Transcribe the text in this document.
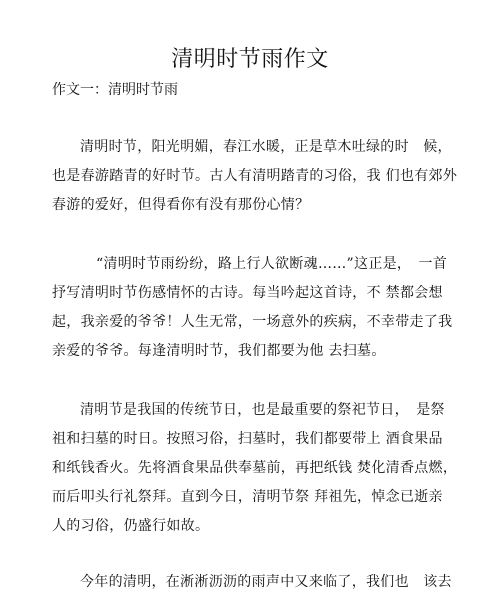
清明时节雨作文

作文一：清明时节雨

清明时节，阳光明媚，春江水暖，正是草木吐绿的时　候，
也是春游踏青的好时节。古人有清明踏青的习俗，我 们也有郊外
春游的爱好，但得看你有没有那份心情？
“清明时节雨纷纷，路上行人欲断魂……”这正是，　一首
抒写清明时节伤感情怀的古诗。每当吟起这首诗，不 禁都会想
起，我亲爱的爷爷！人生无常，一场意外的疾病，不幸带走了我
亲爱的爷爷。每逢清明时节，我们都要为他 去扫墓。
清明节是我国的传统节日，也是最重要的祭祀节日，　是祭
祖和扫墓的时日。按照习俗，扫墓时，我们都要带上 酒食果品
和纸钱香火。先将酒食果品供奉墓前，再把纸钱 焚化清香点燃，
而后叩头行礼祭拜。直到今日，清明节祭 拜祖先，悼念已逝亲
人的习俗，仍盛行如故。
今年的清明，在淅淅沥沥的雨声中又来临了，我们也　该去
